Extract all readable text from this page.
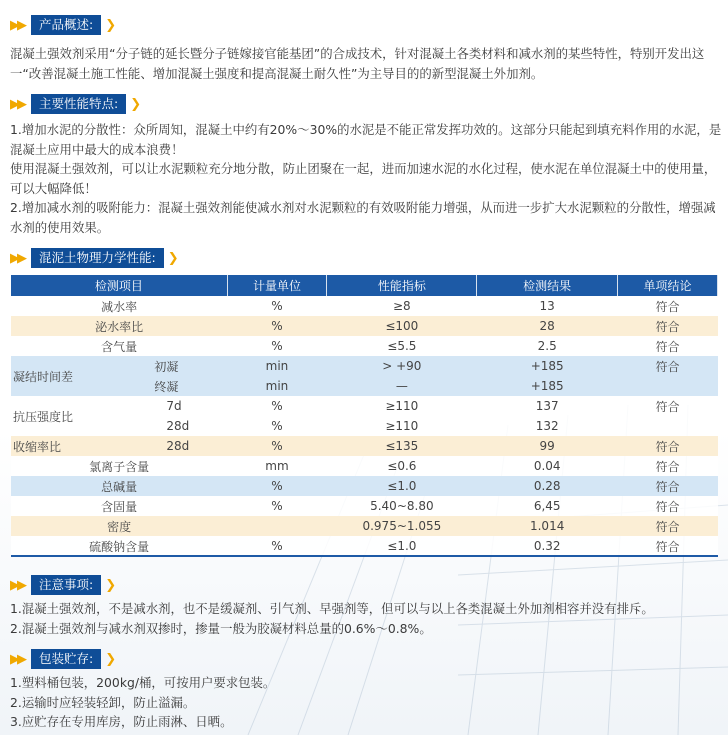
▶▶	产品概述: ❯
混凝土强效剂采用“分子链的延长暨分子链嫁接官能基团”的合成技术，针对混凝土各类材料和减水剂的某些特性，特别开发出这一“改善混凝土施工性能、增加混凝土强度和提高混凝土耐久性”为主导目的的新型混凝土外加剂。
▶▶	主要性能特点: ❯
1.增加水泥的分散性：众所周知，混凝土中约有20%～30%的水泥是不能正常发挥功效的。这部分只能起到填充料作用的水泥，是混凝土应用中最大的成本浪费！
使用混凝土强效剂，可以让水泥颗粒充分地分散，防止团聚在一起，进而加速水泥的水化过程，使水泥在单位混凝土中的使用量，可以大幅降低！
2.增加减水剂的吸附能力：混凝土强效剂能使减水剂对水泥颗粒的有效吸附能力增强，从而进一步扩大水泥颗粒的分散性，增强减水剂的使用效果。
▶▶	混泥土物理力学性能: ❯
检测项目		计量单位	性能指标	检测结果	单项结论
减水率		%	≥8	13	符合
泌水率比		%	≤100	28	符合
含气量		%	≤5.5	2.5	符合
凝结时间差	初凝	min	> +90	+185	符合
	终凝	min	—	+185	
抗压强度比	7d	%	≥110	137	符合
	28d	%	≥110	132	
收缩率比	28d	%	≤135	99	符合
氯离子含量		mm	≤0.6	0.04	符合
总碱量		%	≤1.0	0.28	符合
含固量		%	5.40~8.80	6,45	符合
密度			0.975~1.055	1.014	符合
硫酸钠含量		%	≤1.0	0.32	符合
▶▶	注意事项: ❯
1.混凝土强效剂，不是减水剂，也不是缓凝剂、引气剂、早强剂等，但可以与以上各类混凝土外加剂相容并没有排斥。
2.混凝土强效剂与减水剂双掺时，掺量一般为胶凝材料总量的0.6%～0.8%。
▶▶	包装贮存: ❯
1.塑料桶包装，200kg/桶，可按用户要求包装。
2.运输时应轻装轻卸，防止溢漏。
3.应贮存在专用库房，防止雨淋、日晒。
